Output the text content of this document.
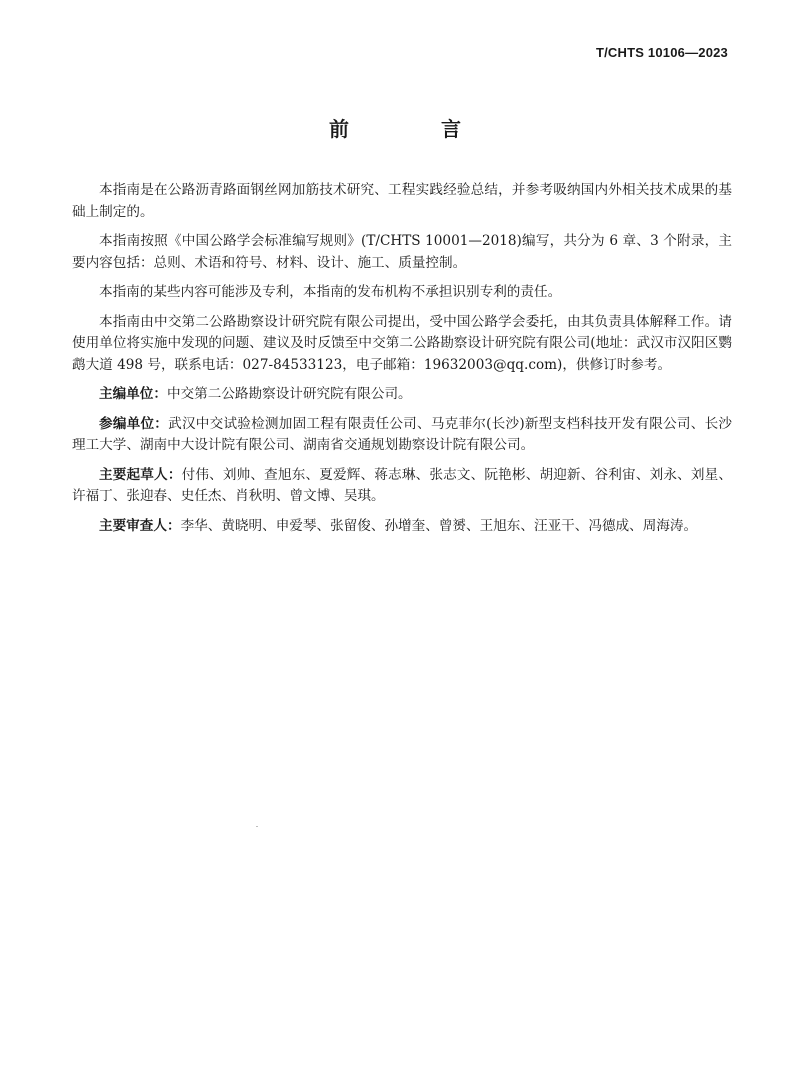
T/CHTS 10106—2023
前　言

本指南是在公路沥青路面钢丝网加筋技术研究、工程实践经验总结，并参考吸纳国内外相关技术成果的基础上制定的。

本指南按照《中国公路学会标准编写规则》(T/CHTS 10001—2018)编写，共分为 6 章、3 个附录，主要内容包括：总则、术语和符号、材料、设计、施工、质量控制。

本指南的某些内容可能涉及专利，本指南的发布机构不承担识别专利的责任。

本指南由中交第二公路勘察设计研究院有限公司提出，受中国公路学会委托，由其负责具体解释工作。请使用单位将实施中发现的问题、建议及时反馈至中交第二公路勘察设计研究院有限公司(地址：武汉市汉阳区鹦鹉大道 498 号，联系电话：027-84533123，电子邮箱：19632003@qq.com)，供修订时参考。

主编单位：中交第二公路勘察设计研究院有限公司。

参编单位：武汉中交试验检测加固工程有限责任公司、马克菲尔(长沙)新型支档科技开发有限公司、长沙理工大学、湖南中大设计院有限公司、湖南省交通规划勘察设计院有限公司。

主要起草人：付伟、刘帅、查旭东、夏爱辉、蒋志琳、张志文、阮艳彬、胡迎新、谷利宙、刘永、刘星、许福丁、张迎春、史任杰、肖秋明、曾文博、吴琪。

主要审查人：李华、黄晓明、申爱琴、张留俊、孙增奎、曾赟、王旭东、汪亚干、冯德成、周海涛。
